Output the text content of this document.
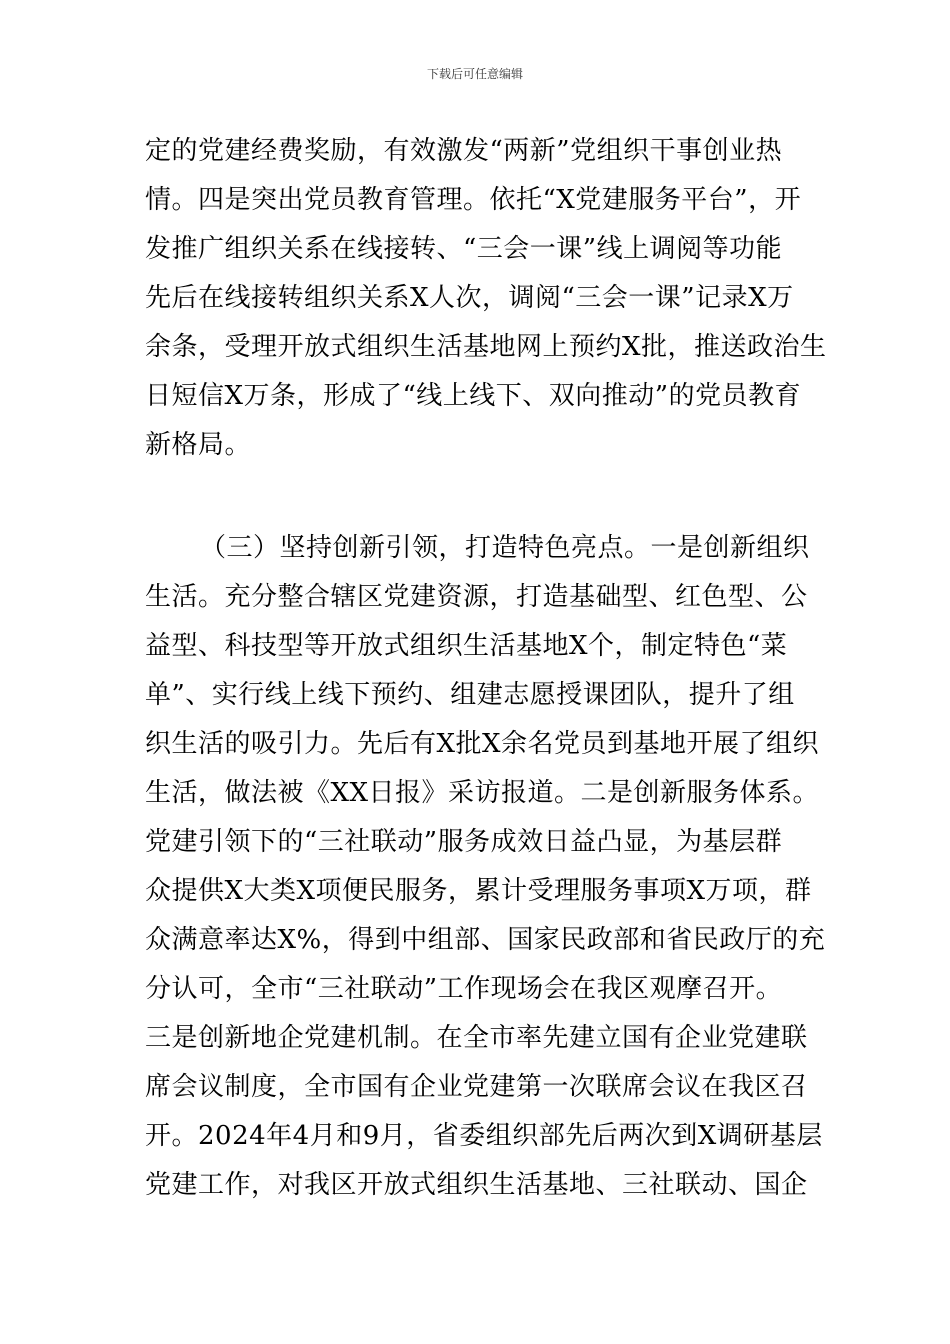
下载后可任意编辑
定的党建经费奖励，有效激发“两新”党组织干事创业热
情。四是突出党员教育管理。依托“X党建服务平台”，开
发推广组织关系在线接转、“三会一课”线上调阅等功能
先后在线接转组织关系X人次，调阅“三会一课”记录X万
余条，受理开放式组织生活基地网上预约X批，推送政治生
日短信X万条，形成了“线上线下、双向推动”的党员教育
新格局。
（三）坚持创新引领，打造特色亮点。一是创新组织
生活。充分整合辖区党建资源，打造基础型、红色型、公
益型、科技型等开放式组织生活基地X个，制定特色“菜
单”、实行线上线下预约、组建志愿授课团队，提升了组
织生活的吸引力。先后有X批X余名党员到基地开展了组织
生活，做法被《XX日报》采访报道。二是创新服务体系。
党建引领下的“三社联动”服务成效日益凸显，为基层群
众提供X大类X项便民服务，累计受理服务事项X万项，群
众满意率达X%，得到中组部、国家民政部和省民政厅的充
分认可，全市“三社联动”工作现场会在我区观摩召开。
三是创新地企党建机制。在全市率先建立国有企业党建联
席会议制度，全市国有企业党建第一次联席会议在我区召
开。2024年4月和9月，省委组织部先后两次到X调研基层
党建工作，对我区开放式组织生活基地、三社联动、国企
